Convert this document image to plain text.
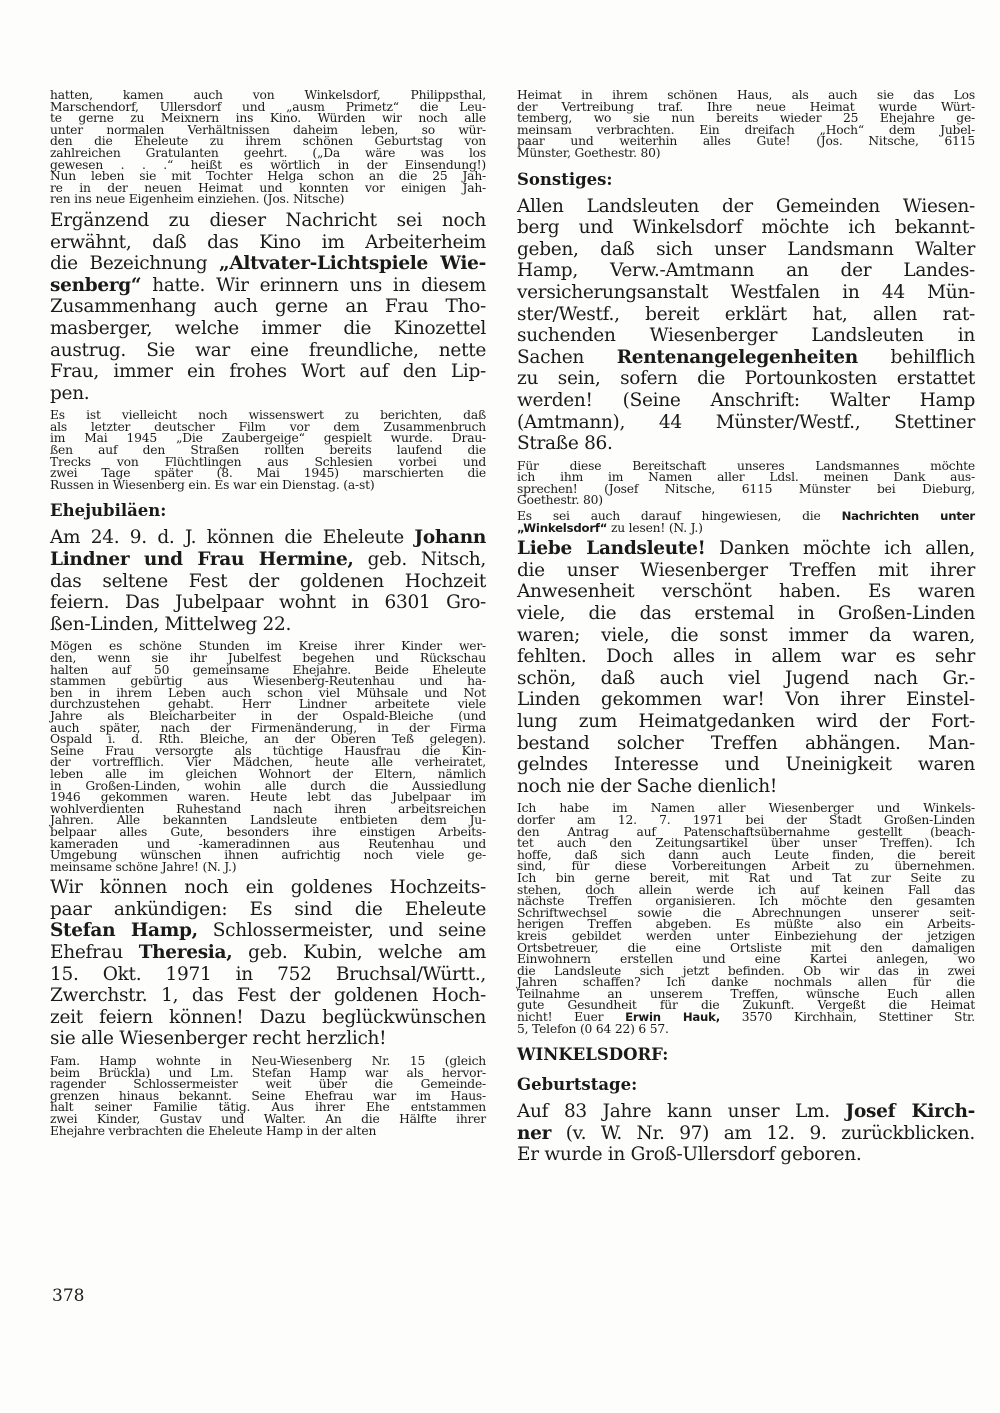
hatten, kamen auch von Winkelsdorf, Philippsthal,
Marschendorf, Ullersdorf und „ausm Primetz“ die Leu-
te gerne zu Meixnern ins Kino. Würden wir noch alle
unter normalen Verhältnissen daheim leben, so wür-
den die Eheleute zu ihrem schönen Geburtstag von
zahlreichen Gratulanten geehrt. („Da wäre was los
gewesen . . .“ heißt es wörtlich in der Einsendung!)
Nun leben sie mit Tochter Helga schon an die 25 Jah-
re in der neuen Heimat und konnten vor einigen Jah-
ren ins neue Eigenheim einziehen. (Jos. Nitsche)
Ergänzend zu dieser Nachricht sei noch
erwähnt, daß das Kino im Arbeiterheim
die Bezeichnung „Altvater-Lichtspiele Wie-
senberg“ hatte. Wir erinnern uns in diesem
Zusammenhang auch gerne an Frau Tho-
masberger, welche immer die Kinozettel
austrug. Sie war eine freundliche, nette
Frau, immer ein frohes Wort auf den Lip-
pen.
Es ist vielleicht noch wissenswert zu berichten, daß
als letzter deutscher Film vor dem Zusammenbruch
im Mai 1945 „Die Zaubergeige“ gespielt wurde. Drau-
ßen auf den Straßen rollten bereits laufend die
Trecks von Flüchtlingen aus Schlesien vorbei und
zwei Tage später (8. Mai 1945) marschierten die
Russen in Wiesenberg ein. Es war ein Dienstag. (a-st)
Ehejubiläen:
Am 24. 9. d. J. können die Eheleute Johann
Lindner und Frau Hermine, geb. Nitsch,
das seltene Fest der goldenen Hochzeit
feiern. Das Jubelpaar wohnt in 6301 Gro-
ßen-Linden, Mittelweg 22.
Mögen es schöne Stunden im Kreise ihrer Kinder wer-
den, wenn sie ihr Jubelfest begehen und Rückschau
halten auf 50 gemeinsame Ehejahre. Beide Eheleute
stammen gebürtig aus Wiesenberg-Reutenhau und ha-
ben in ihrem Leben auch schon viel Mühsale und Not
durchzustehen gehabt. Herr Lindner arbeitete viele
Jahre als Bleicharbeiter in der Ospald-Bleiche (und
auch später, nach der Firmenänderung, in der Firma
Ospald i. d. Rth. Bleiche, an der Oberen Teß gelegen).
Seine Frau versorgte als tüchtige Hausfrau die Kin-
der vortrefflich. Vier Mädchen, heute alle verheiratet,
leben alle im gleichen Wohnort der Eltern, nämlich
in Großen-Linden, wohin alle durch die Aussiedlung
1946 gekommen waren. Heute lebt das Jubelpaar im
wohlverdienten Ruhestand nach ihren arbeitsreichen
Jahren. Alle bekannten Landsleute entbieten dem Ju-
belpaar alles Gute, besonders ihre einstigen Arbeits-
kameraden und -kameradinnen aus Reutenhau und
Umgebung wünschen ihnen aufrichtig noch viele ge-
meinsame schöne Jahre! (N. J.)
Wir können noch ein goldenes Hochzeits-
paar ankündigen: Es sind die Eheleute
Stefan Hamp, Schlossermeister, und seine
Ehefrau Theresia, geb. Kubin, welche am
15. Okt. 1971 in 752 Bruchsal/Württ.,
Zwerchstr. 1, das Fest der goldenen Hoch-
zeit feiern können! Dazu beglückwünschen
sie alle Wiesenberger recht herzlich!
Fam. Hamp wohnte in Neu-Wiesenberg Nr. 15 (gleich
beim Brückla) und Lm. Stefan Hamp war als hervor-
ragender Schlossermeister weit über die Gemeinde-
grenzen hinaus bekannt. Seine Ehefrau war im Haus-
halt seiner Familie tätig. Aus ihrer Ehe entstammen
zwei Kinder, Gustav und Walter. An die Hälfte ihrer
Ehejahre verbrachten die Eheleute Hamp in der alten
Heimat in ihrem schönen Haus, als auch sie das Los
der Vertreibung traf. Ihre neue Heimat wurde Würt-
temberg, wo sie nun bereits wieder 25 Ehejahre ge-
meinsam verbrachten. Ein dreifach „Hoch“ dem Jubel-
paar und weiterhin alles Gute! (Jos. Nitsche, 6115
Münster, Goethestr. 80)
Sonstiges:
Allen Landsleuten der Gemeinden Wiesen-
berg und Winkelsdorf möchte ich bekannt-
geben, daß sich unser Landsmann Walter
Hamp, Verw.-Amtmann an der Landes-
versicherungsanstalt Westfalen in 44 Mün-
ster/Westf., bereit erklärt hat, allen rat-
suchenden Wiesenberger Landsleuten in
Sachen Rentenangelegenheiten behilflich
zu sein, sofern die Portounkosten erstattet
werden! (Seine Anschrift: Walter Hamp
(Amtmann), 44 Münster/Westf., Stettiner
Straße 86.
Für diese Bereitschaft unseres Landsmannes möchte
ich ihm im Namen aller Ldsl. meinen Dank aus-
sprechen! (Josef Nitsche, 6115 Münster bei Dieburg,
Goethestr. 80)
Es sei auch darauf hingewiesen, die Nachrichten unter
„Winkelsdorf“ zu lesen! (N. J.)
Liebe Landsleute! Danken möchte ich allen,
die unser Wiesenberger Treffen mit ihrer
Anwesenheit verschönt haben. Es waren
viele, die das erstemal in Großen-Linden
waren; viele, die sonst immer da waren,
fehlten. Doch alles in allem war es sehr
schön, daß auch viel Jugend nach Gr.-
Linden gekommen war! Von ihrer Einstel-
lung zum Heimatgedanken wird der Fort-
bestand solcher Treffen abhängen. Man-
gelndes Interesse und Uneinigkeit waren
noch nie der Sache dienlich!
Ich habe im Namen aller Wiesenberger und Winkels-
dorfer am 12. 7. 1971 bei der Stadt Großen-Linden
den Antrag auf Patenschaftsübernahme gestellt (beach-
tet auch den Zeitungsartikel über unser Treffen). Ich
hoffe, daß sich dann auch Leute finden, die bereit
sind, für diese Vorbereitungen Arbeit zu übernehmen.
Ich bin gerne bereit, mit Rat und Tat zur Seite zu
stehen, doch allein werde ich auf keinen Fall das
nächste Treffen organisieren. Ich möchte den gesamten
Schriftwechsel sowie die Abrechnungen unserer seit-
herigen Treffen abgeben. Es müßte also ein Arbeits-
kreis gebildet werden unter Einbeziehung der jetzigen
Ortsbetreuer, die eine Ortsliste mit den damaligen
Einwohnern erstellen und eine Kartei anlegen, wo
die Landsleute sich jetzt befinden. Ob wir das in zwei
Jahren schaffen? Ich danke nochmals allen für die
Teilnahme an unserem Treffen, wünsche Euch allen
gute Gesundheit für die Zukunft. Vergeßt die Heimat
nicht! Euer Erwin Hauk, 3570 Kirchhain, Stettiner Str.
5, Telefon (0 64 22) 6 57.
WINKELSDORF:
Geburtstage:
Auf 83 Jahre kann unser Lm. Josef Kirch-
ner (v. W. Nr. 97) am 12. 9. zurückblicken.
Er wurde in Groß-Ullersdorf geboren.
378
